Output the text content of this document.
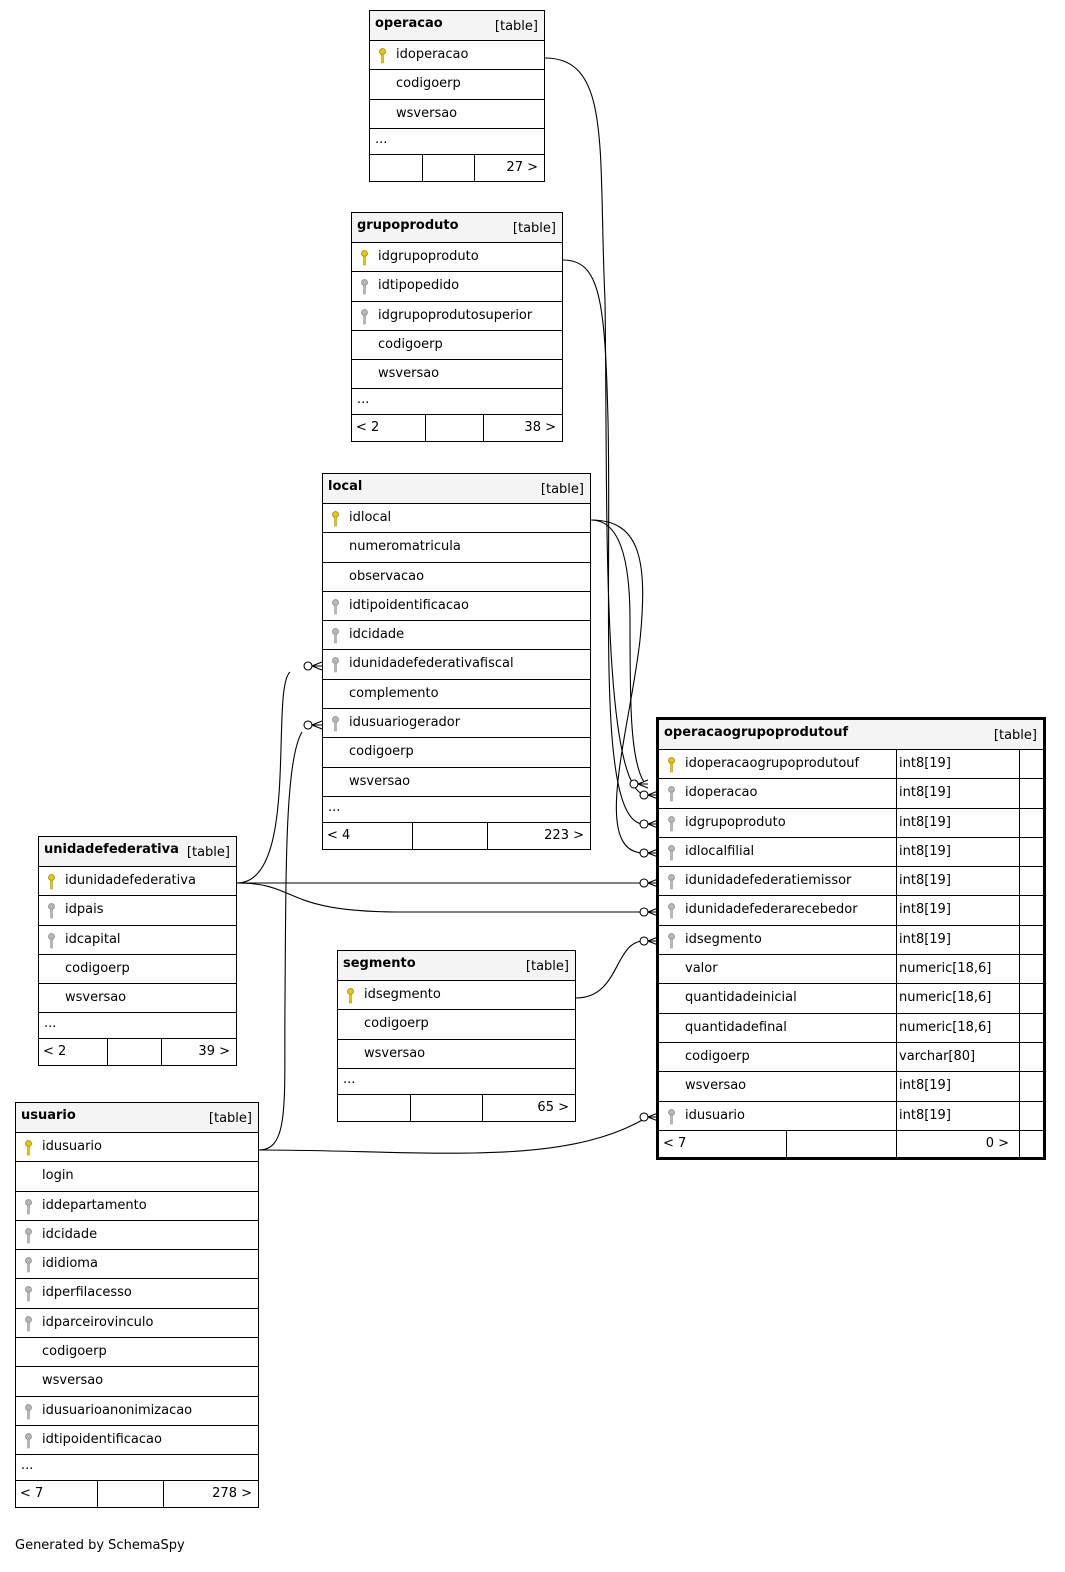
operacao	[table]
idoperacao
codigoerp
wsversao
...
27 >
grupoproduto	[table]
idgrupoproduto
idtipopedido
idgrupoprodutosuperior
codigoerp
wsversao
...
< 2	38 >
local	[table]
idlocal
numeromatricula
observacao
idtipoidentificacao
idcidade
idunidadefederativafiscal
complemento
idusuariogerador
codigoerp
wsversao
...
< 4	223 >
unidadefederativa [table]
idunidadefederativa
idpais
idcapital
codigoerp
wsversao
...
< 2	39 >
segmento	[table]
idsegmento
codigoerp
wsversao
...
65 >
usuario	[table]
idusuario
login
iddepartamento
idcidade
ididioma
idperfilacesso
idparceirovinculo
codigoerp
wsversao
idusuarioanonimizacao
idtipoidentificacao
...
< 7	278 >
operacaogrupoprodutouf	[table]
idoperacaogrupoprodutouf	int8[19]
idoperacao	int8[19]
idgrupoproduto	int8[19]
idlocalfilial	int8[19]
idunidadefederatiemissor	int8[19]
idunidadefederarecebedor	int8[19]
idsegmento	int8[19]
valor	numeric[18,6]
quantidadeinicial	numeric[18,6]
quantidadefinal	numeric[18,6]
codigoerp	varchar[80]
wsversao	int8[19]
idusuario	int8[19]
< 7	0 >
Generated by SchemaSpy
